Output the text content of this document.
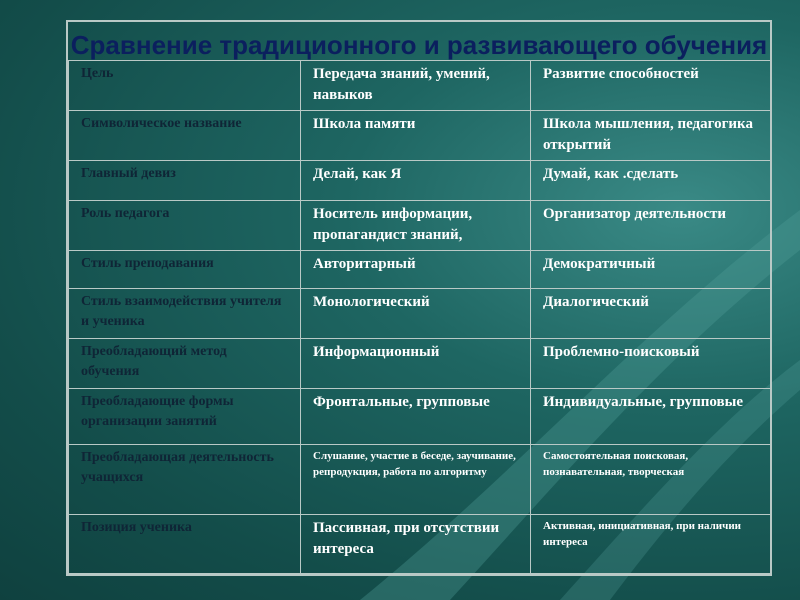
Сравнение традиционного и развивающего обучения
Цель	Передача знаний, умений, навыков	Развитие способностей
Символическое название	Школа памяти	Школа мышления, педагогика открытий
Главный девиз	Делай, как Я	Думай, как .сделать
Роль педагога	Носитель информации, пропагандист знаний,	Организатор деятельности
Стиль преподавания	Авторитарный	Демократичный
Стиль взаимодействия учителя и ученика	Монологический	Диалогический
Преобладающий метод обучения	Информационный	Проблемно-поисковый
Преобладающие формы организации занятий	Фронтальные, групповые	Индивидуальные, групповые
Преобладающая деятельность учащихся	Слушание, участие в беседе, заучивание, репродукция, работа по алгоритму	Самостоятельная поисковая, познавательная, творческая
Позиция ученика	Пассивная, при отсутствии интереса	Активная, инициативная, при наличии интереса
